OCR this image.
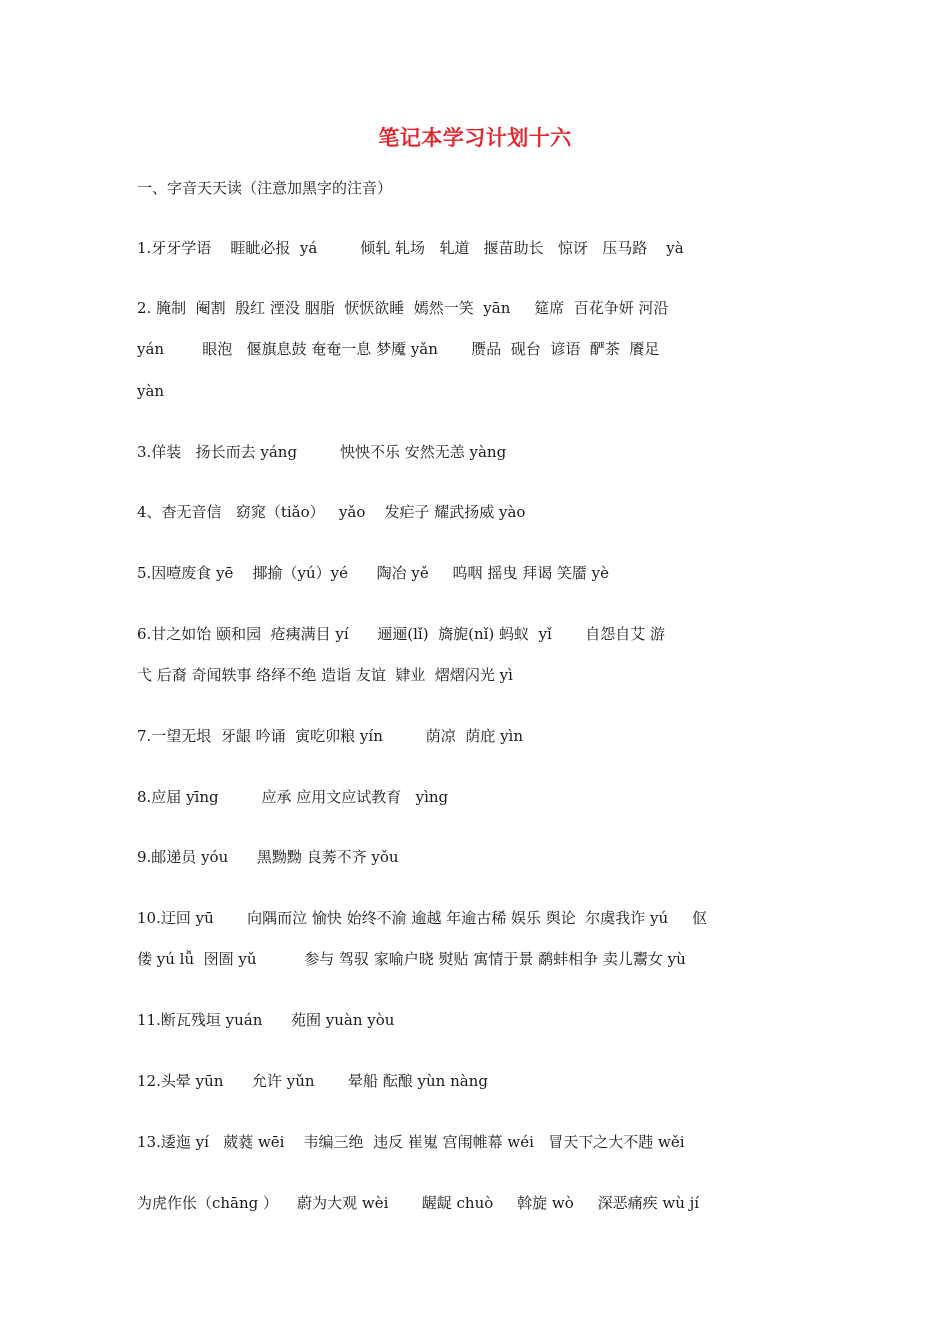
笔记本学习计划十六
一、字音天天读（注意加黑字的注音）
1.牙牙学语    睚眦必报  yá         倾轧 轧场   轧道   揠苗助长   惊讶   压马路    yà
2. 腌制  阉割  殷红 湮没 胭脂  恹恹欲睡  嫣然一笑  yān     筵席  百花争妍 河沿
yán        眼泡   偃旗息鼓 奄奄一息 梦魇 yǎn       赝品  砚台  谚语  酽茶  餍足
yàn
3.佯装   扬长而去 yáng         怏怏不乐 安然无恙 yàng
4、杳无音信   窈窕（tiǎo）   yǎo    发疟子 耀武扬威 yào
5.因噎废食 yē    揶揄（yú）yé      陶冶 yě     呜咽 摇曳 拜谒 笑靥 yè
6.甘之如饴 颐和园  疮痍满目 yí      逦逦(lǐ)  旖旎(nǐ) 蚂蚁  yǐ       自怨自艾 游
弋 后裔 奇闻轶事 络绎不绝 造诣 友谊  肄业  熠熠闪光 yì
7.一望无垠  牙龈 吟诵  寅吃卯粮 yín         荫凉  荫庇 yìn
8.应届 yīng         应承 应用文应试教育   yìng
9.邮递员 yóu      黑黝黝 良莠不齐 yǒu
10.迂回 yū       向隅而泣 愉快 始终不渝 逾越 年逾古稀 娱乐 舆论  尔虞我诈 yú     伛
偻 yú lǚ  囹圄 yǔ          参与 驾驭 家喻户晓 熨贴 寓情于景 鹬蚌相争 卖儿鬻女 yù
11.断瓦残垣 yuán      苑囿 yuàn yòu
12.头晕 yūn      允许 yǔn       晕船 酝酿 yùn nàng
13.逶迤 yí   葳蕤 wēi    韦编三绝  违反 崔嵬 宫闱帷幕 wéi   冒天下之大不韪 wěi
为虎作伥（chāng ）    蔚为大观 wèi       龌龊 chuò     斡旋 wò     深恶痛疾 wù jí
